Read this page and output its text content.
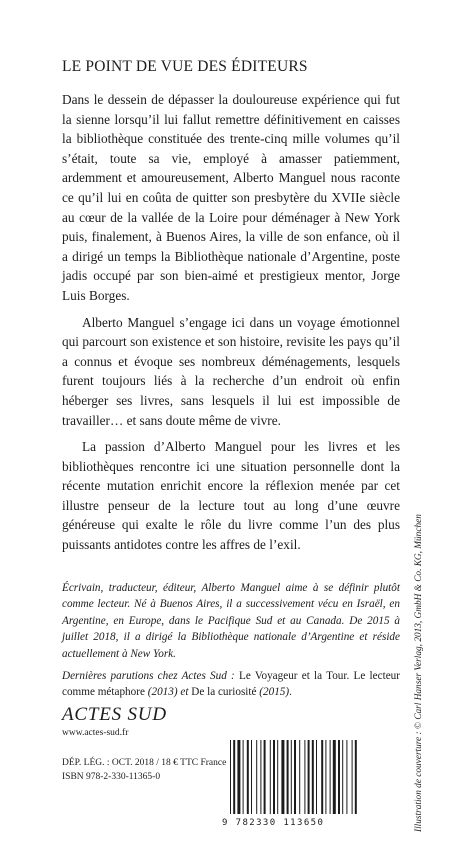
LE POINT DE VUE DES ÉDITEURS

Dans le dessein de dépasser la douloureuse expérience qui fut la sienne lorsqu’il lui fallut remettre définitivement en caisses la bibliothèque constituée des trente-cinq mille volumes qu’il s’était, toute sa vie, employé à amasser patiemment, ardemment et amoureusement, Alberto Manguel nous raconte ce qu’il lui en coûta de quitter son presbytère du XVIIe siècle au cœur de la vallée de la Loire pour déménager à New York puis, finalement, à Buenos Aires, la ville de son enfance, où il a dirigé un temps la Bibliothèque nationale d’Argentine, poste jadis occupé par son bien-aimé et prestigieux mentor, Jorge Luis Borges.

Alberto Manguel s’engage ici dans un voyage émotionnel qui parcourt son existence et son histoire, revisite les pays qu’il a connus et évoque ses nombreux déménagements, lesquels furent toujours liés à la recherche d’un endroit où enfin héberger ses livres, sans lesquels il lui est impossible de travailler… et sans doute même de vivre.

La passion d’Alberto Manguel pour les livres et les bibliothèques rencontre ici une situation personnelle dont la récente mutation enrichit encore la réflexion menée par cet illustre penseur de la lecture tout au long d’une œuvre généreuse qui exalte le rôle du livre comme l’un des plus puissants antidotes contre les affres de l’exil.

Écrivain, traducteur, éditeur, Alberto Manguel aime à se définir plutôt comme lecteur. Né à Buenos Aires, il a successivement vécu en Israël, en Argentine, en Europe, dans le Pacifique Sud et au Canada. De 2015 à juillet 2018, il a dirigé la Bibliothèque nationale d’Argentine et réside actuellement à New York.

Dernières parutions chez Actes Sud : Le Voyageur et la Tour. Le lecteur comme métaphore (2013) et De la curiosité (2015).

ACTES SUD
www.actes-sud.fr
DÉP. LÉG. : OCT. 2018 / 18 € TTC France
ISBN 978-2-330-11365-0
9 782330 113650	Illustration de couverture : © Carl Hanser Verlag, 2013, GmbH & Co. KG, München
